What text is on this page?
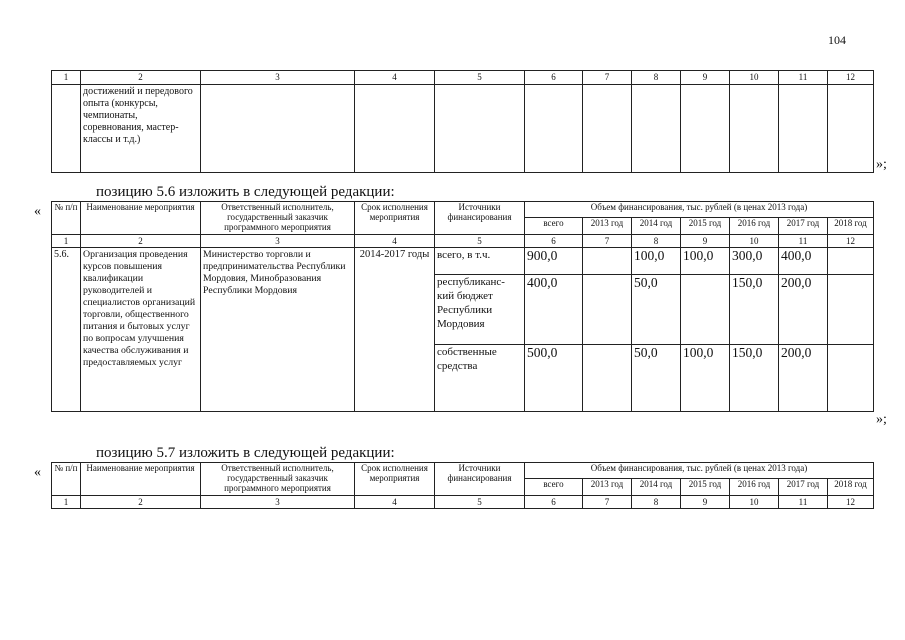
104
1	2	3	4	5	6	7	8	9	10	11	12
	достижений и передового опыта (конкурсы, чемпионаты, соревнования, мастер-классы и т.д.)										
»;
позицию 5.6 изложить в следующей редакции:
« № п/п	Наименование мероприятия	Ответственный исполнитель, государственный заказчик программного мероприятия	Срок исполнения мероприятия	Источники финансирования	Объем финансирования, тыс. рублей (в ценах 2013 года)						
					всего	2013 год	2014 год	2015 год	2016 год	2017 год	2018 год
1	2	3	4	5	6	7	8	9	10	11	12
5.6.	Организация проведения курсов повышения квалификации руководителей и специалистов организаций торговли, общественного питания и бытовых услуг по вопросам улучшения качества обслуживания и предоставляемых услуг	Министерство торговли и предпринимательства Республики Мордовия, Минобразования Республики Мордовия	2014-2017 годы	всего, в т.ч.	900,0		100,0	100,0	300,0	400,0	
				республиканс-кий бюджет Республики Мордовия	400,0		50,0		150,0	200,0	
				собственные средства	500,0		50,0	100,0	150,0	200,0	
»;
позицию 5.7 изложить в следующей редакции:
« № п/п	Наименование мероприятия	Ответственный исполнитель, государственный заказчик программного мероприятия	Срок исполнения мероприятия	Источники финансирования	Объем финансирования, тыс. рублей (в ценах 2013 года)						
					всего	2013 год	2014 год	2015 год	2016 год	2017 год	2018 год
1	2	3	4	5	6	7	8	9	10	11	12
